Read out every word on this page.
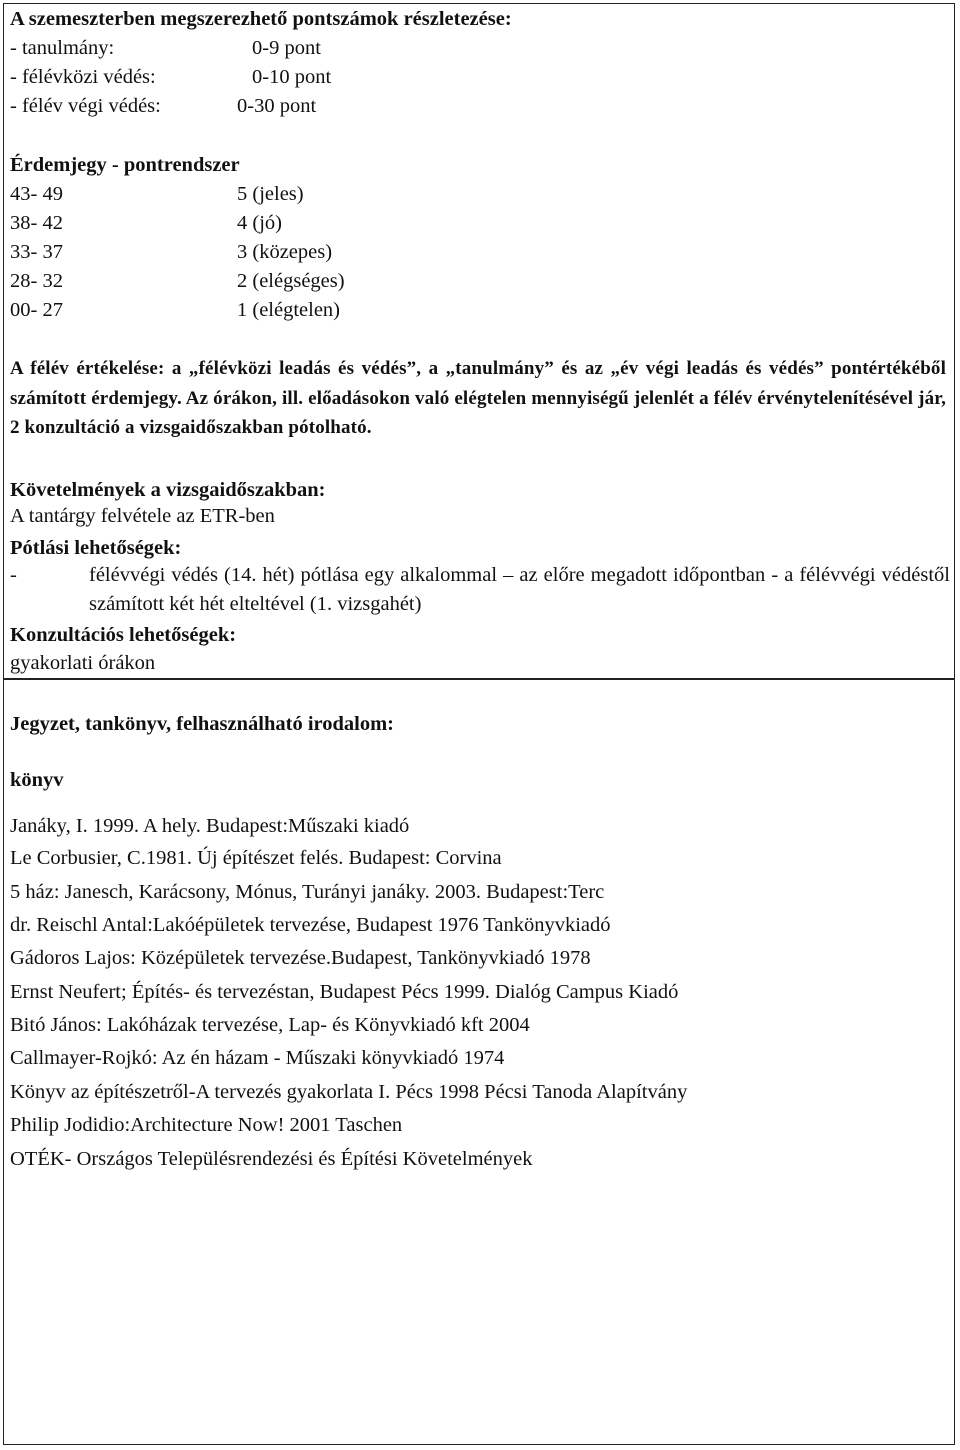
A szemeszterben megszerezhető pontszámok részletezése:
- tanulmány:	0-9 pont
- félévközi védés:	0-10 pont
- félév végi védés:	0-30 pont
Érdemjegy - pontrendszer
43- 49	5 (jeles)
38- 42	4 (jó)
33- 37	3 (közepes)
28- 32	2 (elégséges)
00- 27	1 (elégtelen)
A félév értékelése: a „félévközi leadás és védés”, a „tanulmány” és az „év végi leadás és védés” pontértékéből számított érdemjegy. Az órákon, ill. előadásokon való elégtelen mennyiségű jelenlét a félév érvénytelenítésével jár, 2 konzultáció a vizsgaidőszakban pótolható.
Követelmények a vizsgaidőszakban:
A tantárgy felvétele az ETR-ben
Pótlási lehetőségek:
-	félévvégi védés (14. hét) pótlása egy alkalommal – az előre megadott időpontban - a félévvégi védéstől számított két hét elteltével (1. vizsgahét)
Konzultációs lehetőségek:
gyakorlati órákon
Jegyzet, tankönyv, felhasználható irodalom:
könyv
Janáky, I. 1999. A hely. Budapest:Műszaki kiadó
Le Corbusier, C.1981. Új építészet felés. Budapest: Corvina
5 ház: Janesch, Karácsony, Mónus, Turányi janáky. 2003. Budapest:Terc
dr. Reischl Antal:Lakóépületek tervezése, Budapest 1976 Tankönyvkiadó
Gádoros Lajos: Középületek tervezése.Budapest, Tankönyvkiadó 1978
Ernst Neufert; Építés- és tervezéstan, Budapest Pécs 1999. Dialóg Campus Kiadó
Bitó János: Lakóházak tervezése, Lap- és Könyvkiadó kft 2004
Callmayer-Rojkó: Az én házam - Műszaki könyvkiadó 1974
Könyv az építészetről-A tervezés gyakorlata I. Pécs 1998 Pécsi Tanoda Alapítvány
Philip Jodidio:Architecture Now! 2001 Taschen
OTÉK- Országos Településrendezési és Építési Követelmények
